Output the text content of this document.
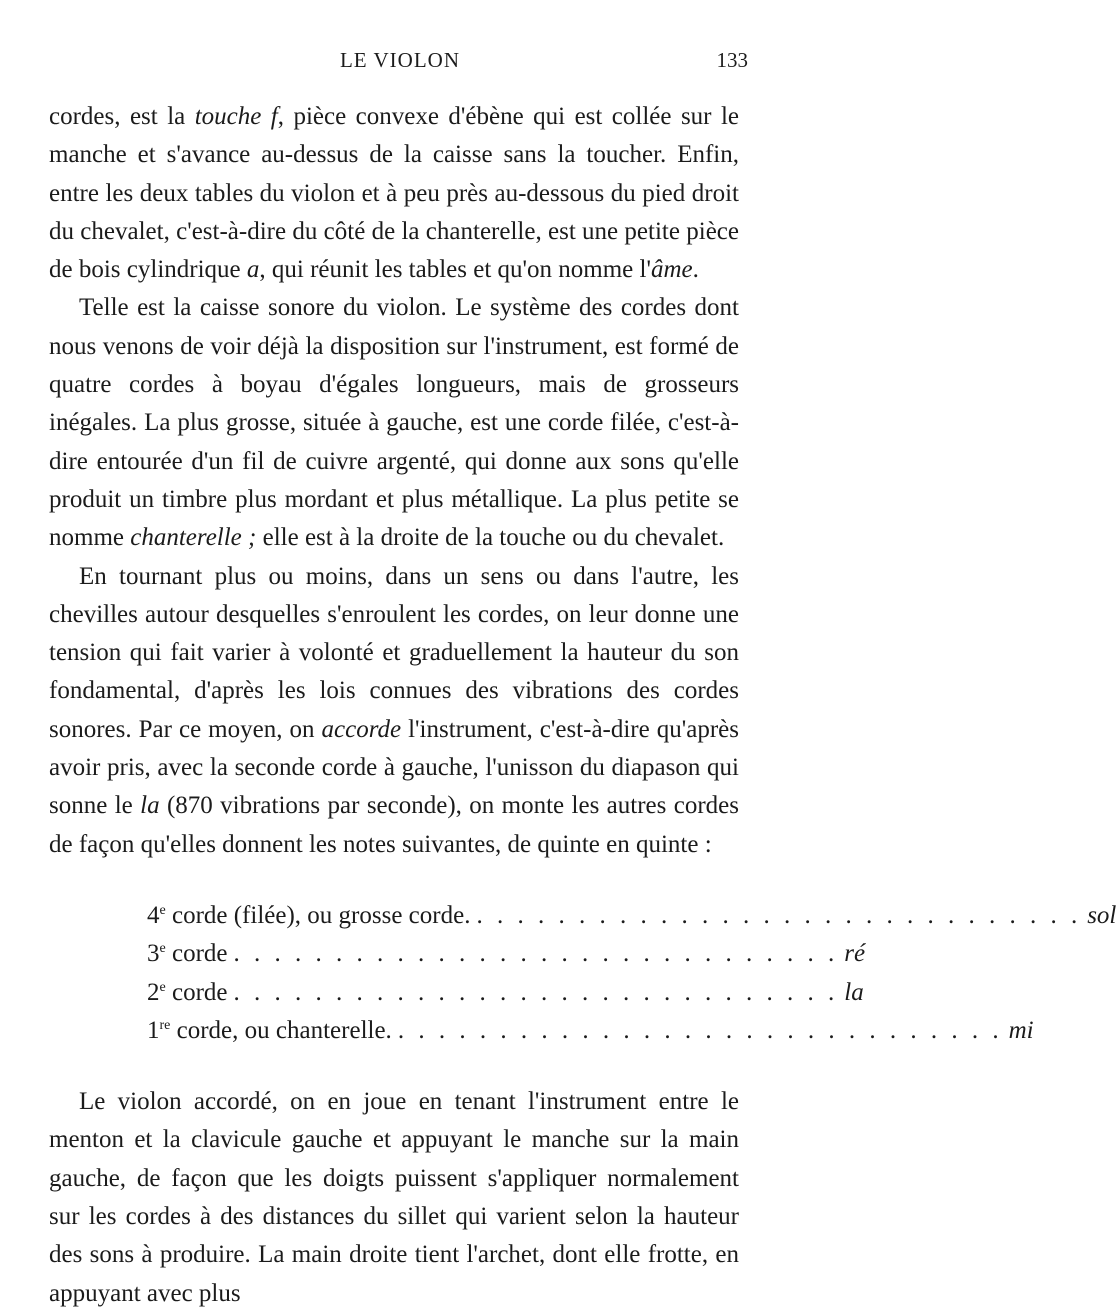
LE VIOLON	133

cordes, est la touche f, pièce convexe d'ébène qui est collée sur le manche et s'avance au-dessus de la caisse sans la toucher. Enfin, entre les deux tables du violon et à peu près au-dessous du pied droit du chevalet, c'est-à-dire du côté de la chanterelle, est une petite pièce de bois cylindrique a, qui réunit les tables et qu'on nomme l'âme.

Telle est la caisse sonore du violon. Le système des cordes dont nous venons de voir déjà la disposition sur l'instrument, est formé de quatre cordes à boyau d'égales longueurs, mais de grosseurs inégales. La plus grosse, située à gauche, est une corde filée, c'est-à-dire entourée d'un fil de cuivre argenté, qui donne aux sons qu'elle produit un timbre plus mordant et plus métallique. La plus petite se nomme chanterelle ; elle est à la droite de la touche ou du chevalet.

En tournant plus ou moins, dans un sens ou dans l'autre, les chevilles autour desquelles s'enroulent les cordes, on leur donne une tension qui fait varier à volonté et graduellement la hauteur du son fondamental, d'après les lois connues des vibrations des cordes sonores. Par ce moyen, on accorde l'instrument, c'est-à-dire qu'après avoir pris, avec la seconde corde à gauche, l'unisson du diapason qui sonne le la (870 vibrations par seconde), on monte les autres cordes de façon qu'elles donnent les notes suivantes, de quinte en quinte :

4e corde (filée), ou grosse corde. . . . . . . . . . . . . . . . . . . . . . . . . . . . . . . sol
3e corde . . . . . . . . . . . . . . . . . . . . . . . . . . . . . . ré
2e corde . . . . . . . . . . . . . . . . . . . . . . . . . . . . . . la
1re corde, ou chanterelle. . . . . . . . . . . . . . . . . . . . . . . . . . . . . . . mi

Le violon accordé, on en joue en tenant l'instrument entre le menton et la clavicule gauche et appuyant le manche sur la main gauche, de façon que les doigts puissent s'appliquer normalement sur les cordes à des distances du sillet qui varient selon la hauteur des sons à produire. La main droite tient l'archet, dont elle frotte, en appuyant avec plus
